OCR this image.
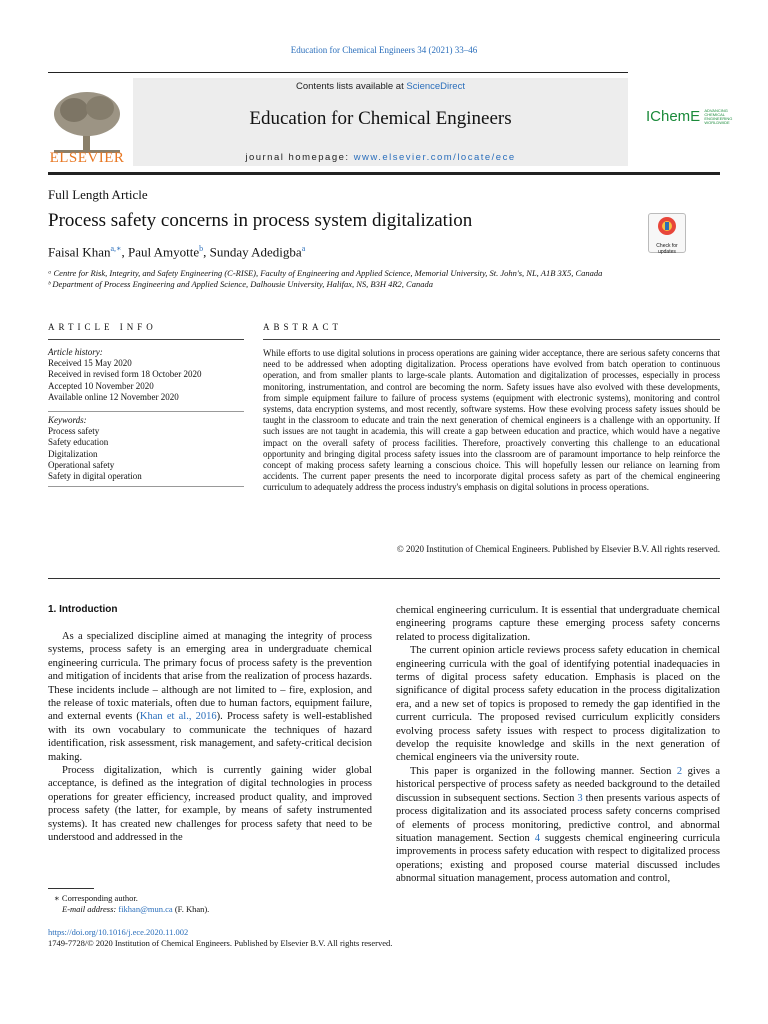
Education for Chemical Engineers 34 (2021) 33–46
ELSEVIER
Contents lists available at ScienceDirect
Education for Chemical Engineers
journal homepage: www.elsevier.com/locate/ece
IChemE ADVANCING CHEMICAL ENGINEERING WORLDWIDE
Full Length Article
Process safety concerns in process system digitalization
Check for updates
Faisal Khan$^{a,∗}$, Paul Amyotte$^b$, Sunday Adedigba$^a$
ᵃ Centre for Risk, Integrity, and Safety Engineering (C-RISE), Faculty of Engineering and Applied Science, Memorial University, St. John's, NL, A1B 3X5, Canada
ᵇ Department of Process Engineering and Applied Science, Dalhousie University, Halifax, NS, B3H 4R2, Canada
ARTICLE INFO	ABSTRACT
Article history:
Received 15 May 2020
Received in revised form 18 October 2020
Accepted 10 November 2020
Available online 12 November 2020
Keywords:
Process safety
Safety education
Digitalization
Operational safety
Safety in digital operation
While efforts to use digital solutions in process operations are gaining wider acceptance, there are serious safety concerns that need to be addressed when adopting digitalization. Process operations have evolved from batch operation to continuous operation, and from smaller plants to large-scale plants. Automation and digitalization of processes, especially in process monitoring, instrumentation, and control are becoming the norm. Safety issues have also evolved with these developments, from simple equipment failure to failure of process systems (equipment with electronic systems), monitoring and control systems, data encryption systems, and most recently, software systems. How these evolving process safety issues should be taught in the classroom to educate and train the next generation of chemical engineers is a challenge with an opportunity. If such issues are not taught in academia, this will create a gap between education and practice, which would have a negative impact on the overall safety of process facilities. Therefore, proactively converting this challenge to an educational opportunity and bringing digital process safety issues into the classroom are of paramount importance to help reinforce the concept of making process safety learning a conscious choice. This will hopefully lessen our reliance on learning from accidents. The current paper presents the need to incorporate digital process safety as part of the chemical engineering curriculum to adequately address the process industry's emphasis on digital solutions in process operations.
© 2020 Institution of Chemical Engineers. Published by Elsevier B.V. All rights reserved.
1. Introduction

As a specialized discipline aimed at managing the integrity of process systems, process safety is an emerging area in undergraduate chemical engineering curricula. The primary focus of process safety is the prevention and mitigation of incidents that arise from the realization of process hazards. These incidents include – although are not limited to – fire, explosion, and the release of toxic materials, often due to human factors, equipment failure, and external events (Khan et al., 2016). Process safety is well-established with its own vocabulary to communicate the techniques of hazard identification, risk assessment, risk management, and safety-critical decision making.

Process digitalization, which is currently gaining wider global acceptance, is defined as the integration of digital technologies in process operations for greater efficiency, increased product quality, and improved process safety (the latter, for example, by means of safety instrumented systems). It has created new challenges for process safety that need to be understood and addressed in the

chemical engineering curriculum. It is essential that undergraduate chemical engineering programs capture these emerging process safety concerns related to process digitalization.

The current opinion article reviews process safety education in chemical engineering curricula with the goal of identifying potential inadequacies in terms of digital process safety education. Emphasis is placed on the significance of digital process safety education in the process digitalization era, and a new set of topics is proposed to remedy the gap identified in the current curricula. The proposed revised curriculum explicitly considers evolving process safety issues with respect to process digitalization to develop the requisite knowledge and skills in the next generation of chemical engineers via the university route.

This paper is organized in the following manner. Section 2 gives a historical perspective of process safety as needed background to the detailed discussion in subsequent sections. Section 3 then presents various aspects of process digitalization and its associated process safety concerns comprised of elements of process monitoring, predictive control, and abnormal situation management. Section 4 suggests chemical engineering curricula improvements in process safety education with respect to digitalized process operations; existing and proposed course material discussed includes abnormal situation management, process automation and control,

∗ Corresponding author.
E-mail address: fikhan@mun.ca (F. Khan).
https://doi.org/10.1016/j.ece.2020.11.002
1749-7728/© 2020 Institution of Chemical Engineers. Published by Elsevier B.V. All rights reserved.
